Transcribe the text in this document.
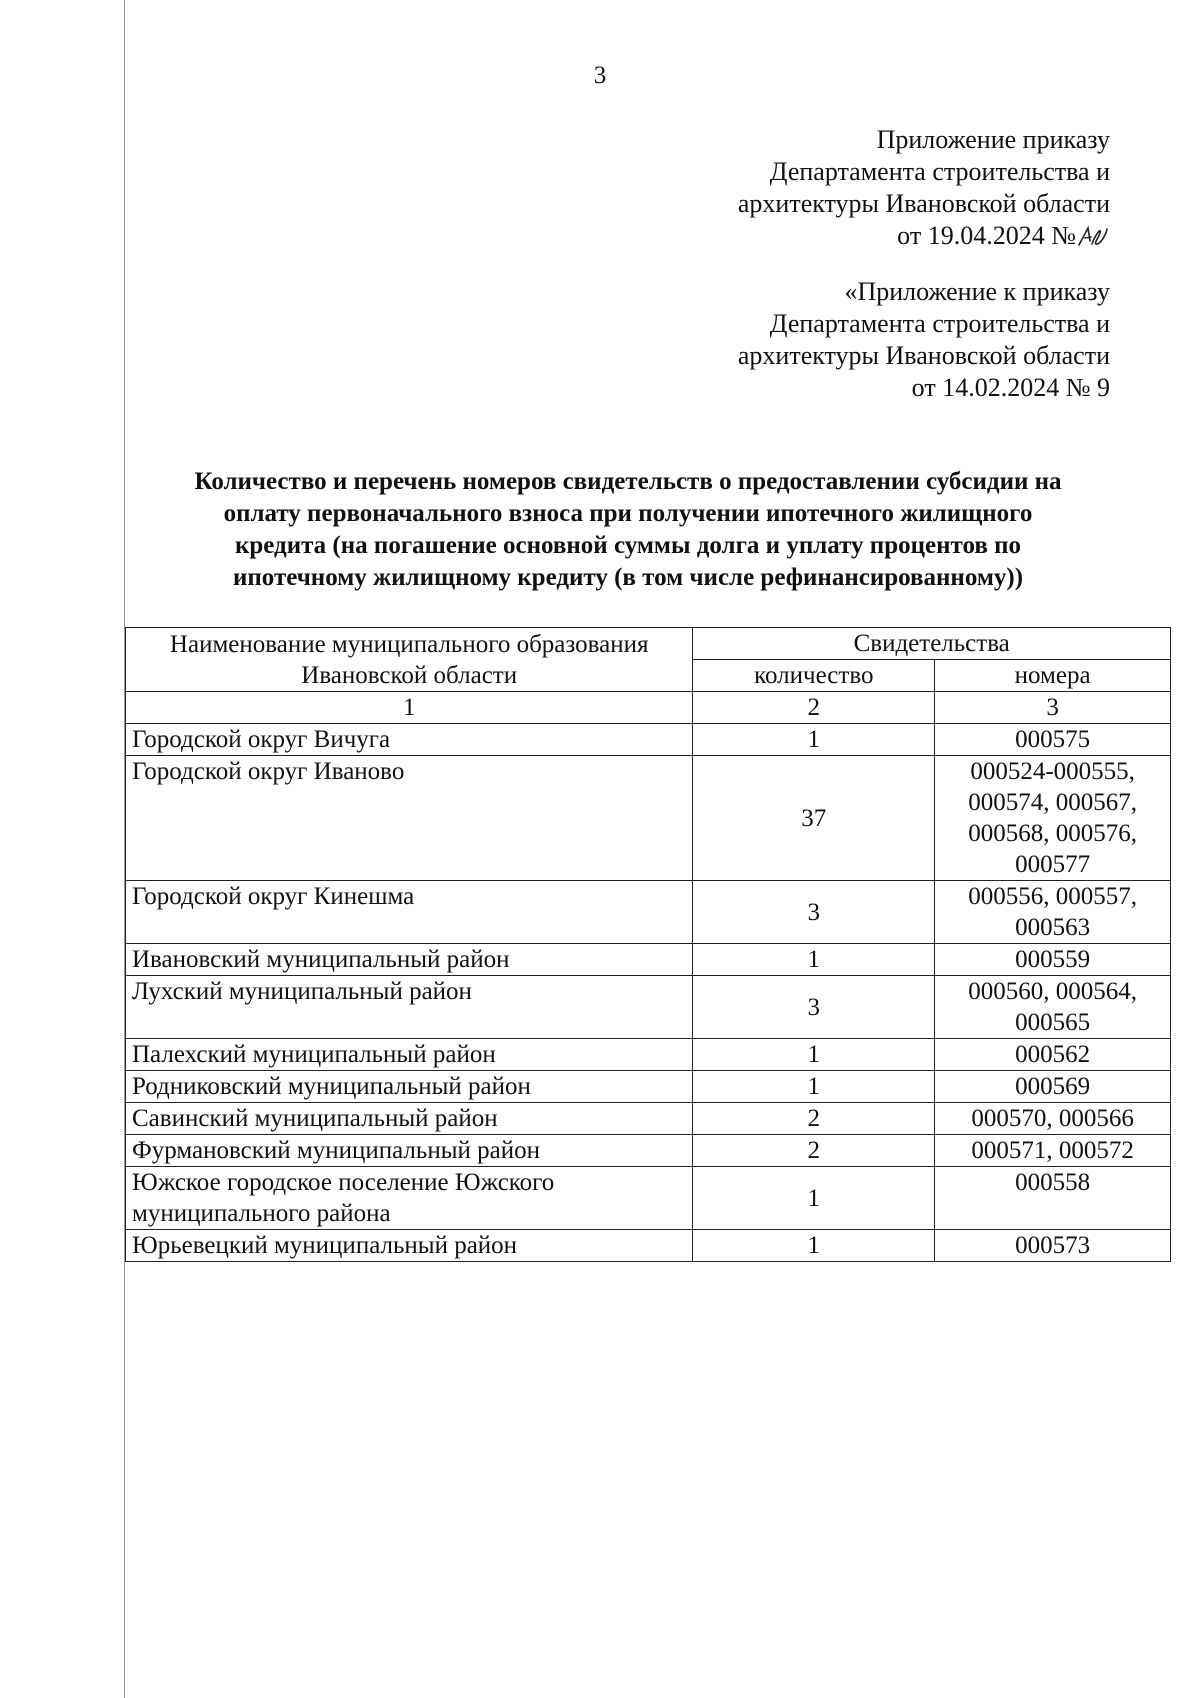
3
Приложение приказу
Департамента строительства и
архитектуры Ивановской области
от 19.04.2024 №
«Приложение к приказу
Департамента строительства и
архитектуры Ивановской области
от 14.02.2024 № 9
Количество и перечень номеров свидетельств о предоставлении субсидии на
оплату первоначального взноса при получении ипотечного жилищного
кредита (на погашение основной суммы долга и уплату процентов по
ипотечному жилищному кредиту (в том числе рефинансированному))
Наименование муниципального образования Ивановской области	Свидетельства	
	количество	номера
1	2	3
Городской округ Вичуга	1	000575
Городской округ Иваново	37	000524-000555, 000574, 000567, 000568, 000576, 000577
Городской округ Кинешма	3	000556, 000557, 000563
Ивановский муниципальный район	1	000559
Лухский муниципальный район	3	000560, 000564, 000565
Палехский муниципальный район	1	000562
Родниковский муниципальный район	1	000569
Савинский муниципальный район	2	000570, 000566
Фурмановский муниципальный район	2	000571, 000572
Южское городское поселение Южского муниципального района	1	000558
Юрьевецкий муниципальный район	1	000573
